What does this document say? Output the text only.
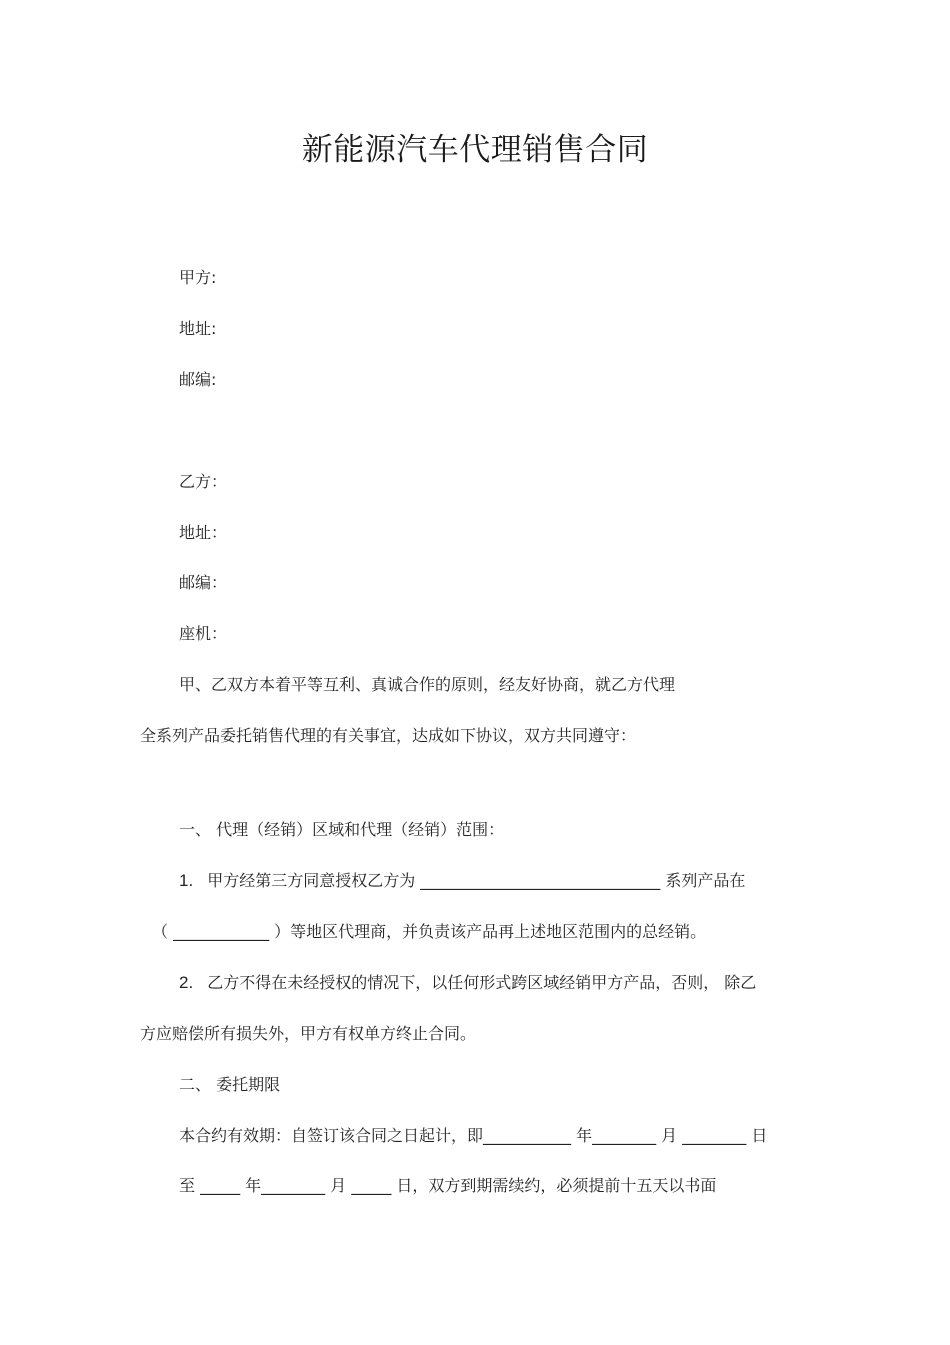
新能源汽车代理销售合同
甲方:
地址:
邮编:
乙方：
地址：
邮编：
座机：
甲、乙双方本着平等互利、真诚合作的原则，经友好协商，就乙方代理
全系列产品委托销售代理的有关事宜，达成如下协议，双方共同遵守：
一、 代理（经销）区域和代理（经销）范围：
1. 甲方经第三方同意授权乙方为 ______________________________ 系列产品在
（ ____________ ）等地区代理商，并负责该产品再上述地区范围内的总经销。
2. 乙方不得在未经授权的情况下，以任何形式跨区域经销甲方产品，否则， 除乙
方应赔偿所有损失外，甲方有权单方终止合同。
二、 委托期限
本合约有效期：自签订该合同之日起计，即___________ 年________ 月 ________ 日
至 _____ 年________ 月 _____ 日，双方到期需续约，必须提前十五天以书面
